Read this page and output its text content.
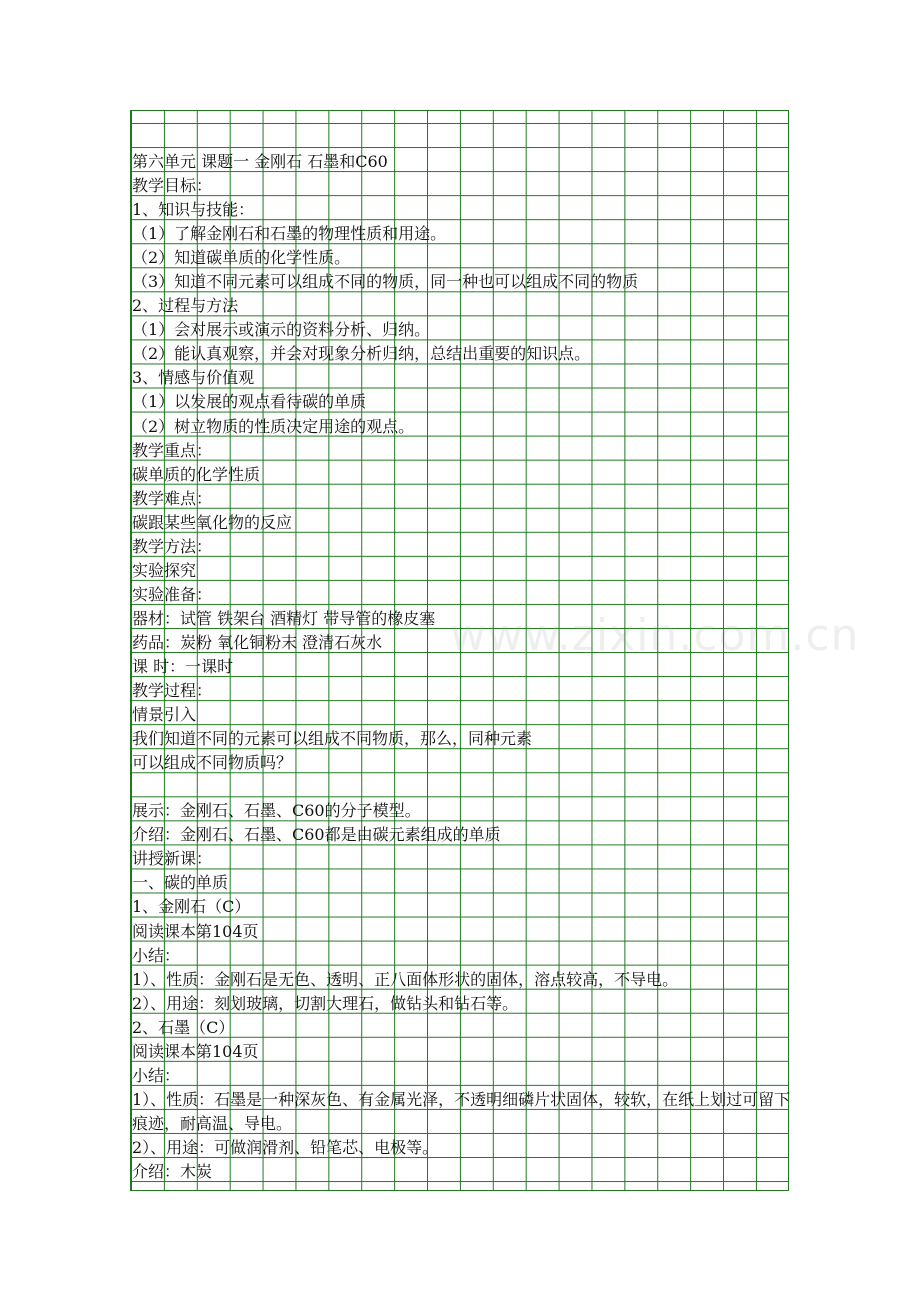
www.zixin.com.cn
第六单元 课题一 金刚石 石墨和C60
教学目标：
1、知识与技能：
（1）了解金刚石和石墨的物理性质和用途。
（2）知道碳单质的化学性质。
（3）知道不同元素可以组成不同的物质，同一种也可以组成不同的物质
2、过程与方法
（1）会对展示或演示的资料分析、归纳。
（2）能认真观察，并会对现象分析归纳，总结出重要的知识点。
3、情感与价值观
（1）以发展的观点看待碳的单质
（2）树立物质的性质决定用途的观点。
教学重点：
碳单质的化学性质
教学难点：
碳跟某些氧化物的反应
教学方法：
实验探究
实验准备：
器材：试管 铁架台 酒精灯 带导管的橡皮塞
药品：炭粉 氧化铜粉末 澄清石灰水
课 时：一课时
教学过程：
情景引入
我们知道不同的元素可以组成不同物质，那么，同种元素
可以组成不同物质吗？
展示：金刚石、石墨、C60的分子模型。
介绍：金刚石、石墨、C60都是由碳元素组成的单质
讲授新课：
一、碳的单质
1、金刚石（C）
阅读课本第104页
小结：
1）、性质：金刚石是无色、透明、正八面体形状的固体，溶点较高，不导电。
2）、用途：刻划玻璃，切割大理石，做钻头和钻石等。
2、石墨（C）
阅读课本第104页
小结：
1）、性质：石墨是一种深灰色、有金属光泽，不透明细磷片状固体，较软，在纸上划过可留下痕迹，耐高温、导电。
2）、用途：可做润滑剂、铅笔芯、电极等。
介绍：木炭
